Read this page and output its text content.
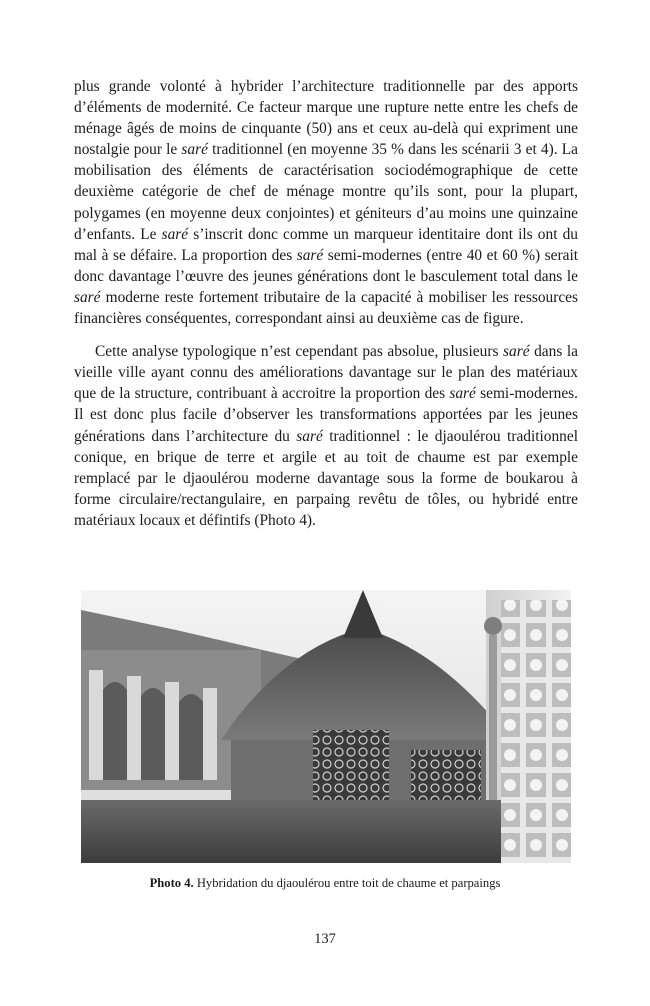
plus grande volonté à hybrider l’architecture traditionnelle par des apports d’éléments de modernité. Ce facteur marque une rupture nette entre les chefs de ménage âgés de moins de cinquante (50) ans et ceux au-delà qui expriment une nostalgie pour le saré traditionnel (en moyenne 35 % dans les scénarii 3 et 4). La mobilisation des éléments de caractérisation sociodémographique de cette deuxième catégorie de chef de ménage montre qu’ils sont, pour la plupart, polygames (en moyenne deux conjointes) et géniteurs d’au moins une quinzaine d’enfants. Le saré s’inscrit donc comme un marqueur identitaire dont ils ont du mal à se défaire. La proportion des saré semi-modernes (entre 40 et 60 %) serait donc davantage l’œuvre des jeunes générations dont le basculement total dans le saré moderne reste fortement tributaire de la capacité à mobiliser les ressources financières conséquentes, correspondant ainsi au deuxième cas de figure.

Cette analyse typologique n’est cependant pas absolue, plusieurs saré dans la vieille ville ayant connu des améliorations davantage sur le plan des matériaux que de la structure, contribuant à accroitre la proportion des saré semi-modernes. Il est donc plus facile d’observer les transformations apportées par les jeunes générations dans l’architecture du saré traditionnel : le djaoulérou traditionnel conique, en brique de terre et argile et au toit de chaume est par exemple remplacé par le djaoulérou moderne davantage sous la forme de boukarou à forme circulaire/rectangulaire, en parpaing revêtu de tôles, ou hybridé entre matériaux locaux et défintifs (Photo 4).

Photo 4. Hybridation du djaoulérou entre toit de chaume et parpaings
137
